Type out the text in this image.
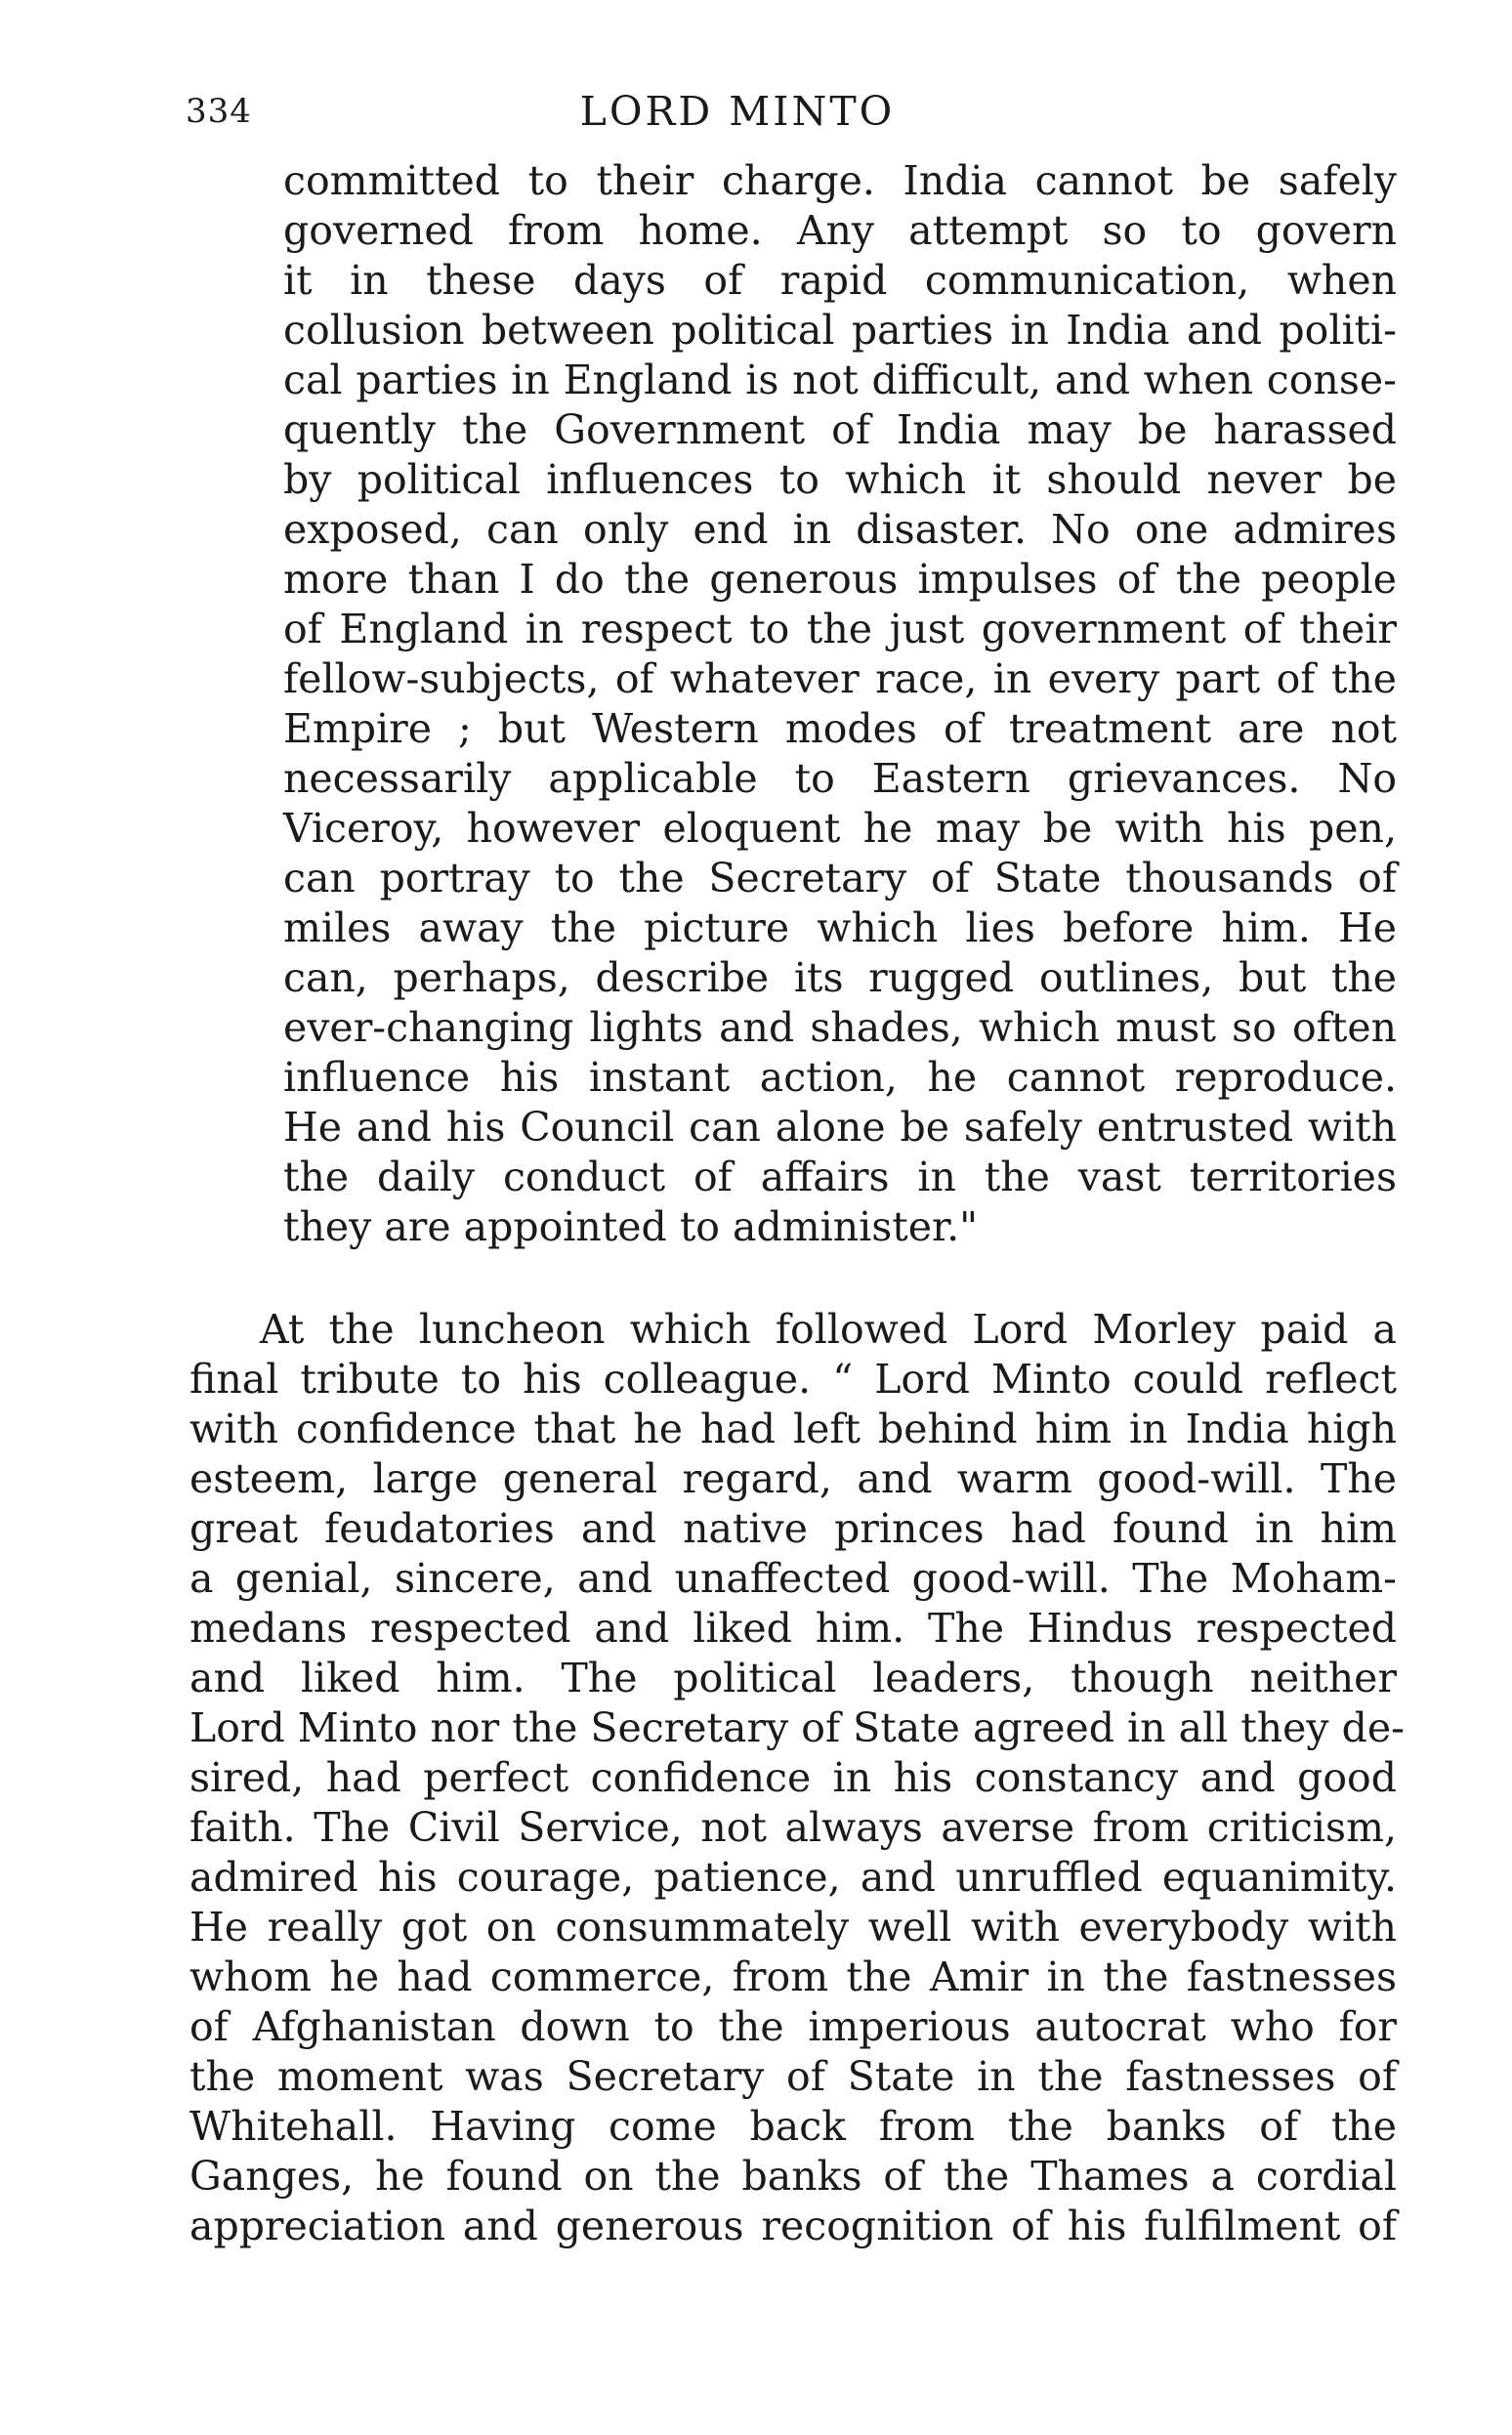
334	LORD MINTO
committed to their charge. India cannot be safely
governed from home. Any attempt so to govern
it in these days of rapid communication, when
collusion between political parties in India and politi-
cal parties in England is not difficult, and when conse-
quently the Government of India may be harassed
by political influences to which it should never be
exposed, can only end in disaster. No one admires
more than I do the generous impulses of the people
of England in respect to the just government of their
fellow-subjects, of whatever race, in every part of the
Empire ; but Western modes of treatment are not
necessarily applicable to Eastern grievances. No
Viceroy, however eloquent he may be with his pen,
can portray to the Secretary of State thousands of
miles away the picture which lies before him. He
can, perhaps, describe its rugged outlines, but the
ever-changing lights and shades, which must so often
influence his instant action, he cannot reproduce.
He and his Council can alone be safely entrusted with
the daily conduct of affairs in the vast territories
they are appointed to administer."
At the luncheon which followed Lord Morley paid a
final tribute to his colleague. “ Lord Minto could reflect
with confidence that he had left behind him in India high
esteem, large general regard, and warm good-will. The
great feudatories and native princes had found in him
a genial, sincere, and unaffected good-will. The Moham-
medans respected and liked him. The Hindus respected
and liked him. The political leaders, though neither
Lord Minto nor the Secretary of State agreed in all they de-
sired, had perfect confidence in his constancy and good
faith. The Civil Service, not always averse from criticism,
admired his courage, patience, and unruffled equanimity.
He really got on consummately well with everybody with
whom he had commerce, from the Amir in the fastnesses
of Afghanistan down to the imperious autocrat who for
the moment was Secretary of State in the fastnesses of
Whitehall. Having come back from the banks of the
Ganges, he found on the banks of the Thames a cordial
appreciation and generous recognition of his fulfilment of
